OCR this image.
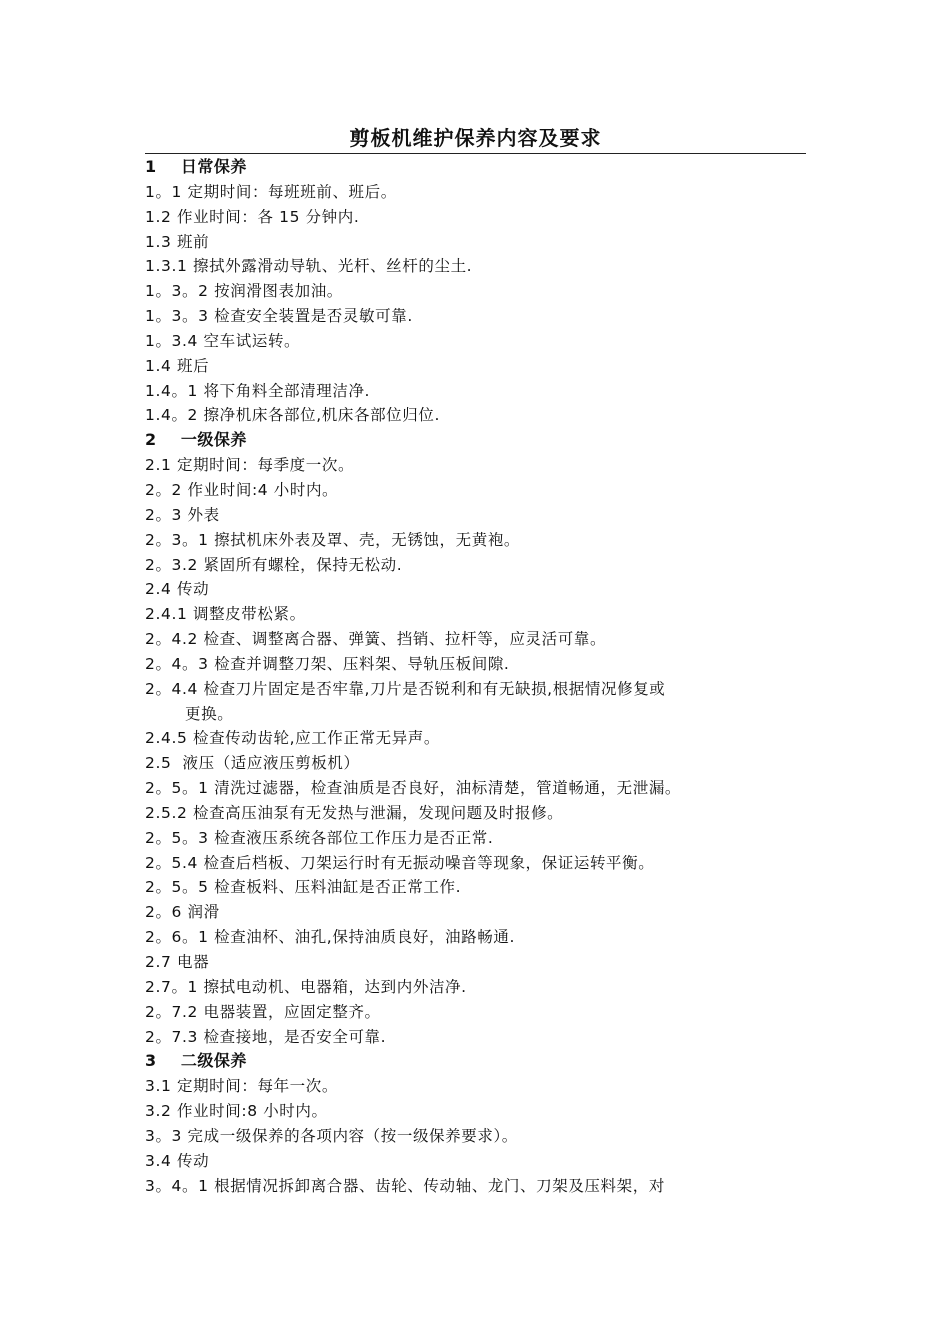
剪板机维护保养内容及要求
1    日常保养
1。1 定期时间：每班班前、班后。
1.2 作业时间：各 15 分钟内.
1.3 班前
1.3.1 擦拭外露滑动导轨、光杆、丝杆的尘土.
1。3。2 按润滑图表加油。
1。3。3 检查安全装置是否灵敏可靠.
1。3.4 空车试运转。
1.4 班后
1.4。1 将下角料全部清理洁净.
1.4。2 擦净机床各部位,机床各部位归位.
2    一级保养
2.1 定期时间：每季度一次。
2。2 作业时间:4 小时内。
2。3 外表
2。3。1 擦拭机床外表及罩、壳，无锈蚀，无黄袍。
2。3.2 紧固所有螺栓，保持无松动.
2.4 传动
2.4.1 调整皮带松紧。
2。4.2 检查、调整离合器、弹簧、挡销、拉杆等，应灵活可靠。
2。4。3 检查并调整刀架、压料架、导轨压板间隙.
2。4.4 检查刀片固定是否牢靠,刀片是否锐利和有无缺损,根据情况修复或
更换。
2.4.5 检查传动齿轮,应工作正常无异声。
2.5  液压（适应液压剪板机）
2。5。1 清洗过滤器，检查油质是否良好，油标清楚，管道畅通，无泄漏。
2.5.2 检查高压油泵有无发热与泄漏，发现问题及时报修。
2。5。3 检查液压系统各部位工作压力是否正常.
2。5.4 检查后档板、刀架运行时有无振动噪音等现象，保证运转平衡。
2。5。5 检查板料、压料油缸是否正常工作.
2。6 润滑
2。6。1 检查油杯、油孔,保持油质良好，油路畅通.
2.7 电器
2.7。1 擦拭电动机、电器箱，达到内外洁净.
2。7.2 电器装置，应固定整齐。
2。7.3 检查接地，是否安全可靠.
3    二级保养
3.1 定期时间：每年一次。
3.2 作业时间:8 小时内。
3。3 完成一级保养的各项内容（按一级保养要求）。
3.4 传动
3。4。1 根据情况拆卸离合器、齿轮、传动轴、龙门、刀架及压料架，对
